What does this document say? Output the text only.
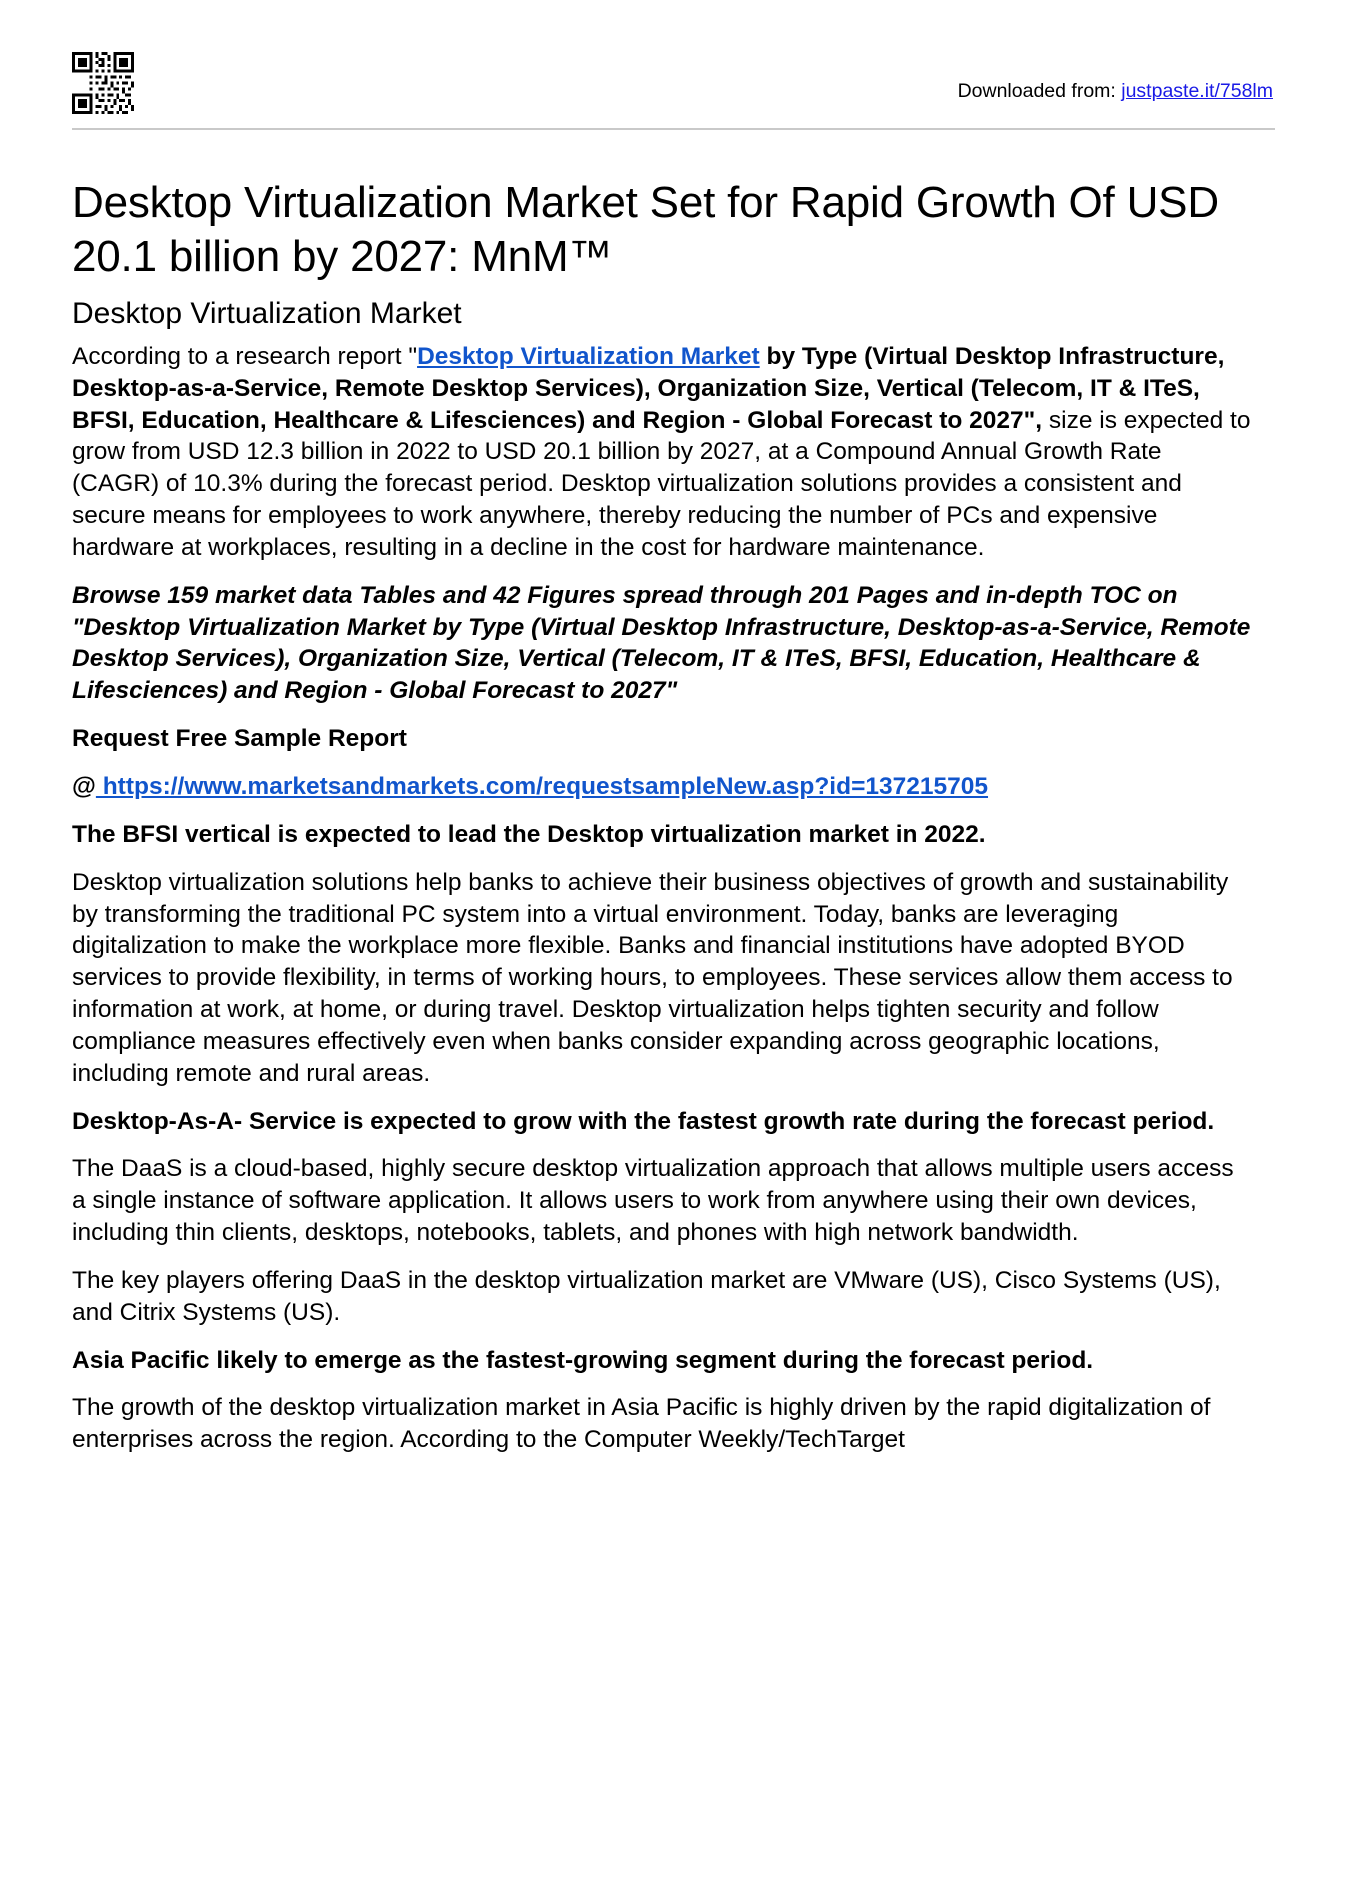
Downloaded from: justpaste.it/758lm
Desktop Virtualization Market Set for Rapid Growth Of USD 20.1 billion by 2027: MnM™
Desktop Virtualization Market

According to a research report "Desktop Virtualization Market by Type (Virtual Desktop Infrastructure, Desktop-as-a-Service, Remote Desktop Services), Organization Size, Vertical (Telecom, IT & ITeS, BFSI, Education, Healthcare & Lifesciences) and Region - Global Forecast to 2027", size is expected to grow from USD 12.3 billion in 2022 to USD 20.1 billion by 2027, at a Compound Annual Growth Rate (CAGR) of 10.3% during the forecast period. Desktop virtualization solutions provides a consistent and secure means for employees to work anywhere, thereby reducing the number of PCs and expensive hardware at workplaces, resulting in a decline in the cost for hardware maintenance.

Browse 159 market data Tables and 42 Figures spread through 201 Pages and in-depth TOC on "Desktop Virtualization Market by Type (Virtual Desktop Infrastructure, Desktop-as-a-Service, Remote Desktop Services), Organization Size, Vertical (Telecom, IT & ITeS, BFSI, Education, Healthcare & Lifesciences) and Region - Global Forecast to 2027"

Request Free Sample Report

@ https://www.marketsandmarkets.com/requestsampleNew.asp?id=137215705

The BFSI vertical is expected to lead the Desktop virtualization market in 2022.

Desktop virtualization solutions help banks to achieve their business objectives of growth and sustainability by transforming the traditional PC system into a virtual environment. Today, banks are leveraging digitalization to make the workplace more flexible. Banks and financial institutions have adopted BYOD services to provide flexibility, in terms of working hours, to employees. These services allow them access to information at work, at home, or during travel. Desktop virtualization helps tighten security and follow compliance measures effectively even when banks consider expanding across geographic locations, including remote and rural areas.

Desktop-As-A- Service is expected to grow with the fastest growth rate during the forecast period.

The DaaS is a cloud-based, highly secure desktop virtualization approach that allows multiple users access a single instance of software application. It allows users to work from anywhere using their own devices, including thin clients, desktops, notebooks, tablets, and phones with high network bandwidth.

The key players offering DaaS in the desktop virtualization market are VMware (US), Cisco Systems (US), and Citrix Systems (US).

Asia Pacific likely to emerge as the fastest-growing segment during the forecast period.

The growth of the desktop virtualization market in Asia Pacific is highly driven by the rapid digitalization of enterprises across the region. According to the Computer Weekly/TechTarget
